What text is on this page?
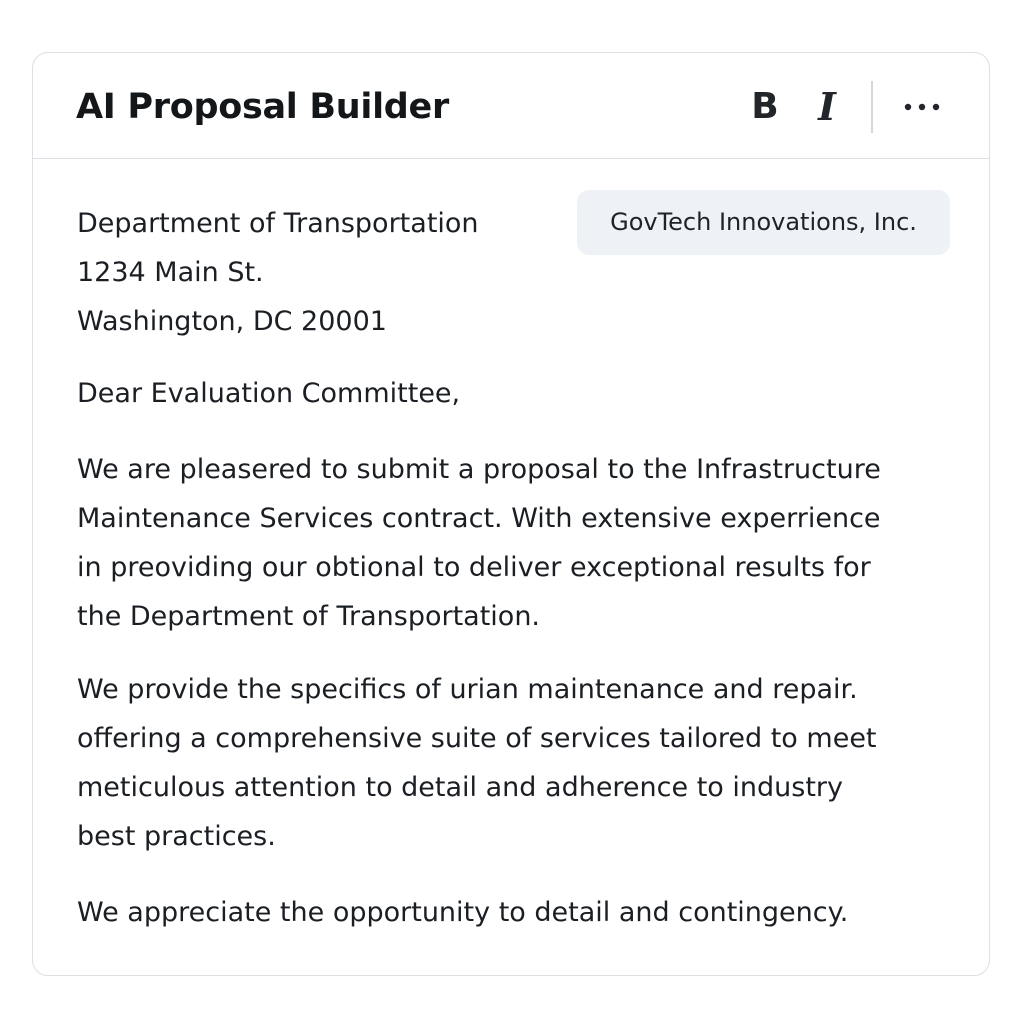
AI Proposal Builder	B I
Department of Transportation
1234 Main St.
Washington, DC 20001
GovTech Innovations, Inc.
Dear Evaluation Committee,
We are pleasered to submit a proposal to the Infrastructure
Maintenance Services contract. With extensive experrience
in preoviding our obtional to deliver exceptional results for
the Department of Transportation.
We provide the specifics of urian maintenance and repair.
offering a comprehensive suite of services tailored to meet
meticulous attention to detail and adherence to industry
best practices.
We appreciate the opportunity to detail and contingency.
